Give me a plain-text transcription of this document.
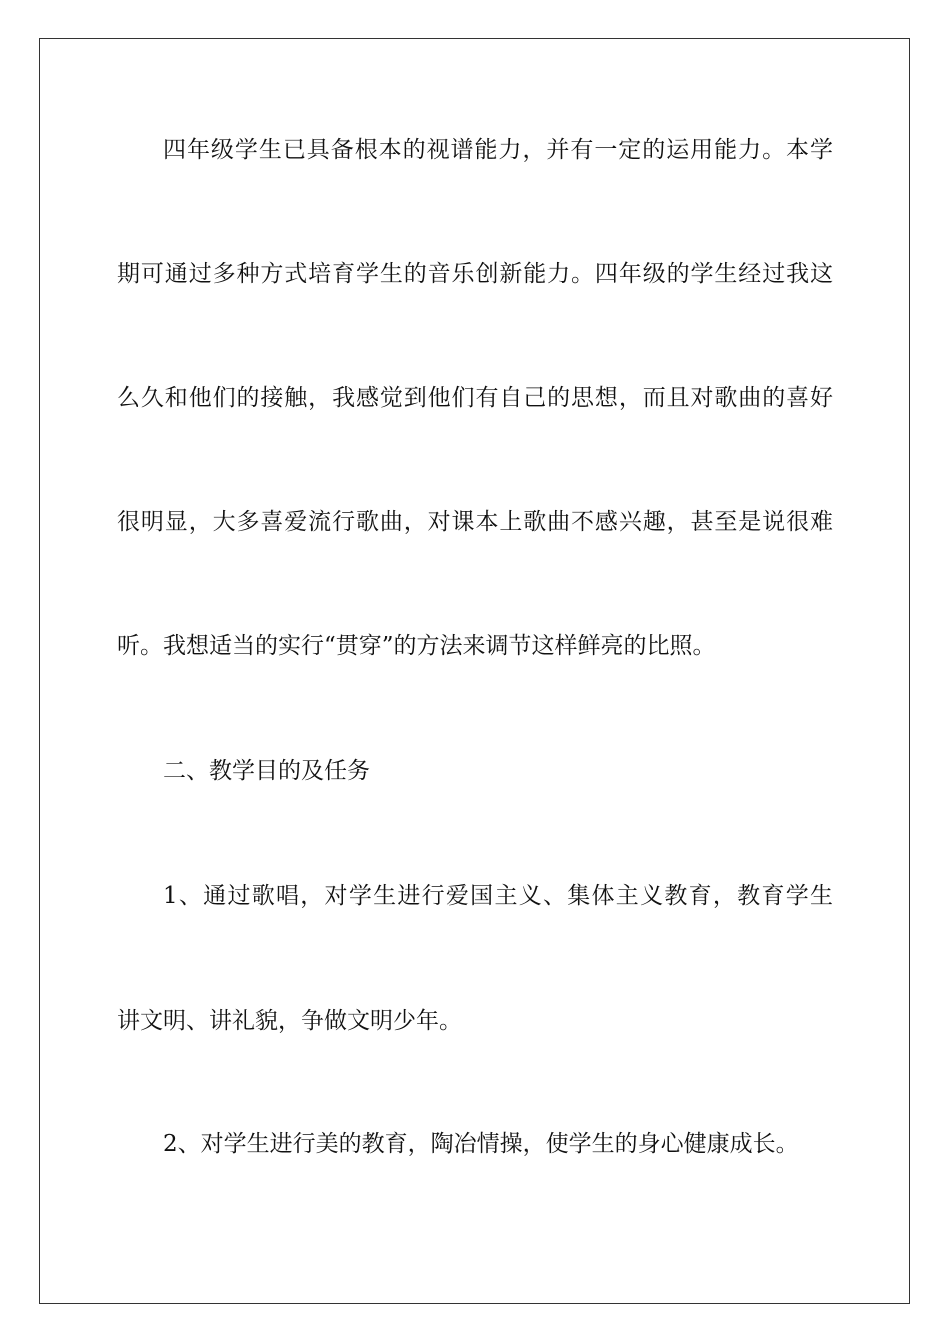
四年级学生已具备根本的视谱能力，并有一定的运用能力。本学
期可通过多种方式培育学生的音乐创新能力。四年级的学生经过我这
么久和他们的接触，我感觉到他们有自己的思想，而且对歌曲的喜好
很明显，大多喜爱流行歌曲，对课本上歌曲不感兴趣，甚至是说很难
听。我想适当的实行“贯穿”的方法来调节这样鲜亮的比照。
二、教学目的及任务
1、通过歌唱，对学生进行爱国主义、集体主义教育，教育学生
讲文明、讲礼貌，争做文明少年。
2、对学生进行美的教育，陶冶情操，使学生的身心健康成长。
